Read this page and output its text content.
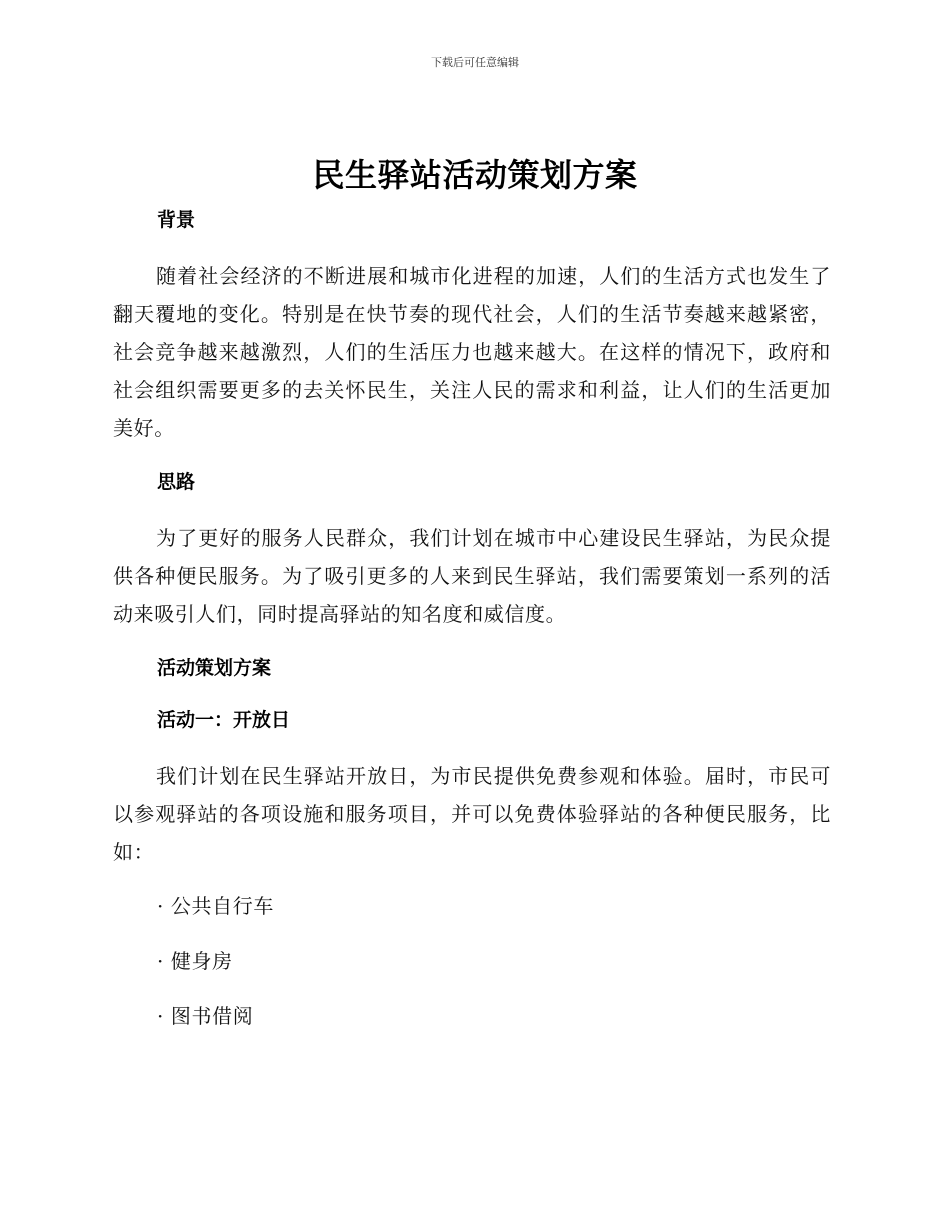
下载后可任意编辑
民生驿站活动策划方案
背景

随着社会经济的不断进展和城市化进程的加速，人们的生活方式也发生了翻天覆地的变化。特别是在快节奏的现代社会，人们的生活节奏越来越紧密，社会竞争越来越激烈，人们的生活压力也越来越大。在这样的情况下，政府和社会组织需要更多的去关怀民生，关注人民的需求和利益，让人们的生活更加美好。

思路

为了更好的服务人民群众，我们计划在城市中心建设民生驿站，为民众提供各种便民服务。为了吸引更多的人来到民生驿站，我们需要策划一系列的活动来吸引人们，同时提高驿站的知名度和威信度。

活动策划方案
活动一：开放日

我们计划在民生驿站开放日，为市民提供免费参观和体验。届时，市民可以参观驿站的各项设施和服务项目，并可以免费体验驿站的各种便民服务，比如：

· 公共自行车
· 健身房
· 图书借阅
